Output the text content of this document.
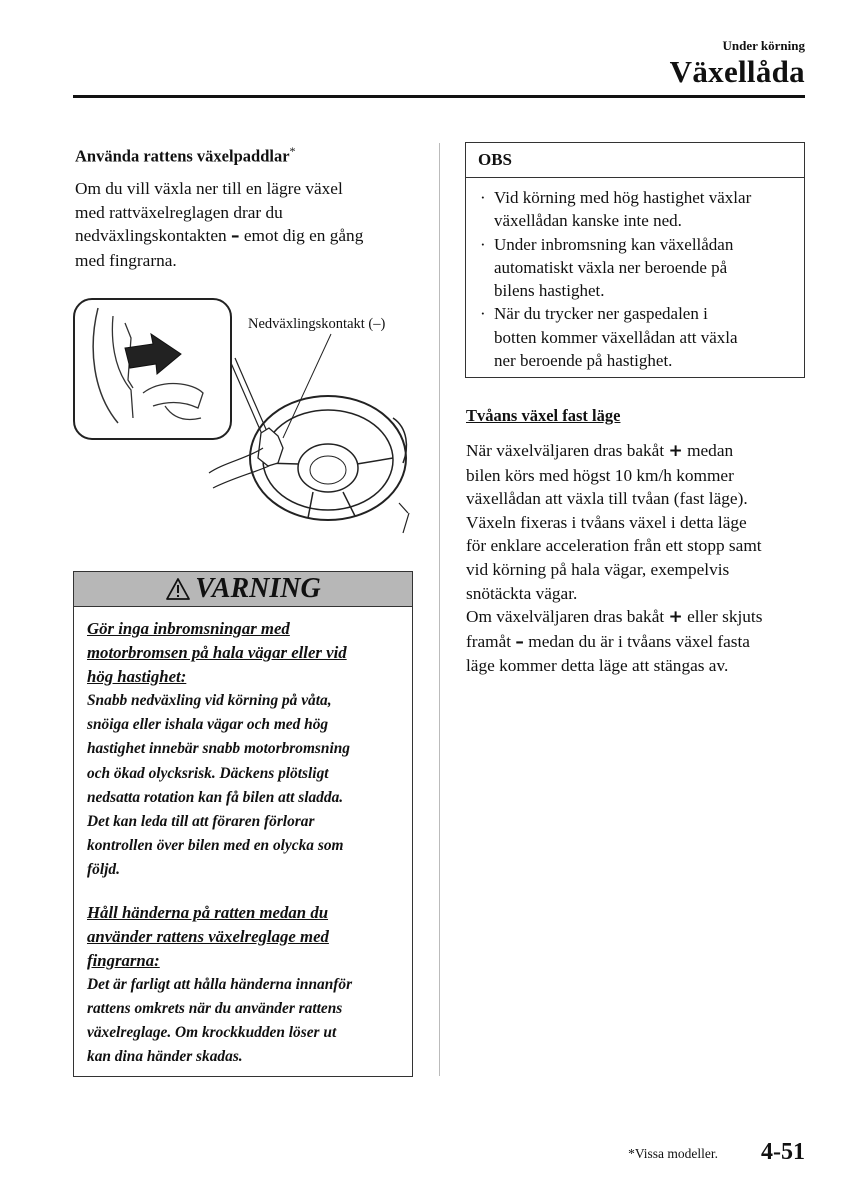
Under körning
Växellåda
Använda rattens växelpaddlar*
Om du vill växla ner till en lägre växel
med rattväxelreglagen drar du
nedväxlingskontakten – emot dig en gång
med fingrarna.
Nedväxlingskontakt (–)
VARNING

Gör inga inbromsningar med
motorbromsen på hala vägar eller vid
hög hastighet:

Snabb nedväxling vid körning på våta,
snöiga eller ishala vägar och med hög
hastighet innebär snabb motorbromsning
och ökad olycksrisk. Däckens plötsligt
nedsatta rotation kan få bilen att sladda.
Det kan leda till att föraren förlorar
kontrollen över bilen med en olycka som
följd.

Håll händerna på ratten medan du
använder rattens växelreglage med
fingrarna:

Det är farligt att hålla händerna innanför
rattens omkrets när du använder rattens
växelreglage. Om krockkudden löser ut
kan dina händer skadas.

OBS
· Vid körning med hög hastighet växlar
växellådan kanske inte ned.
· Under inbromsning kan växellådan
automatiskt växla ner beroende på
bilens hastighet.
· När du trycker ner gaspedalen i
botten kommer växellådan att växla
ner beroende på hastighet.
Tvåans växel fast läge
När växelväljaren dras bakåt + medan
bilen körs med högst 10 km/h kommer
växellådan att växla till tvåan (fast läge).
Växeln fixeras i tvåans växel i detta läge
för enklare acceleration från ett stopp samt
vid körning på hala vägar, exempelvis
snötäckta vägar.
Om växelväljaren dras bakåt + eller skjuts
framåt – medan du är i tvåans växel fasta
läge kommer detta läge att stängas av.
*Vissa modeller. 4-51
